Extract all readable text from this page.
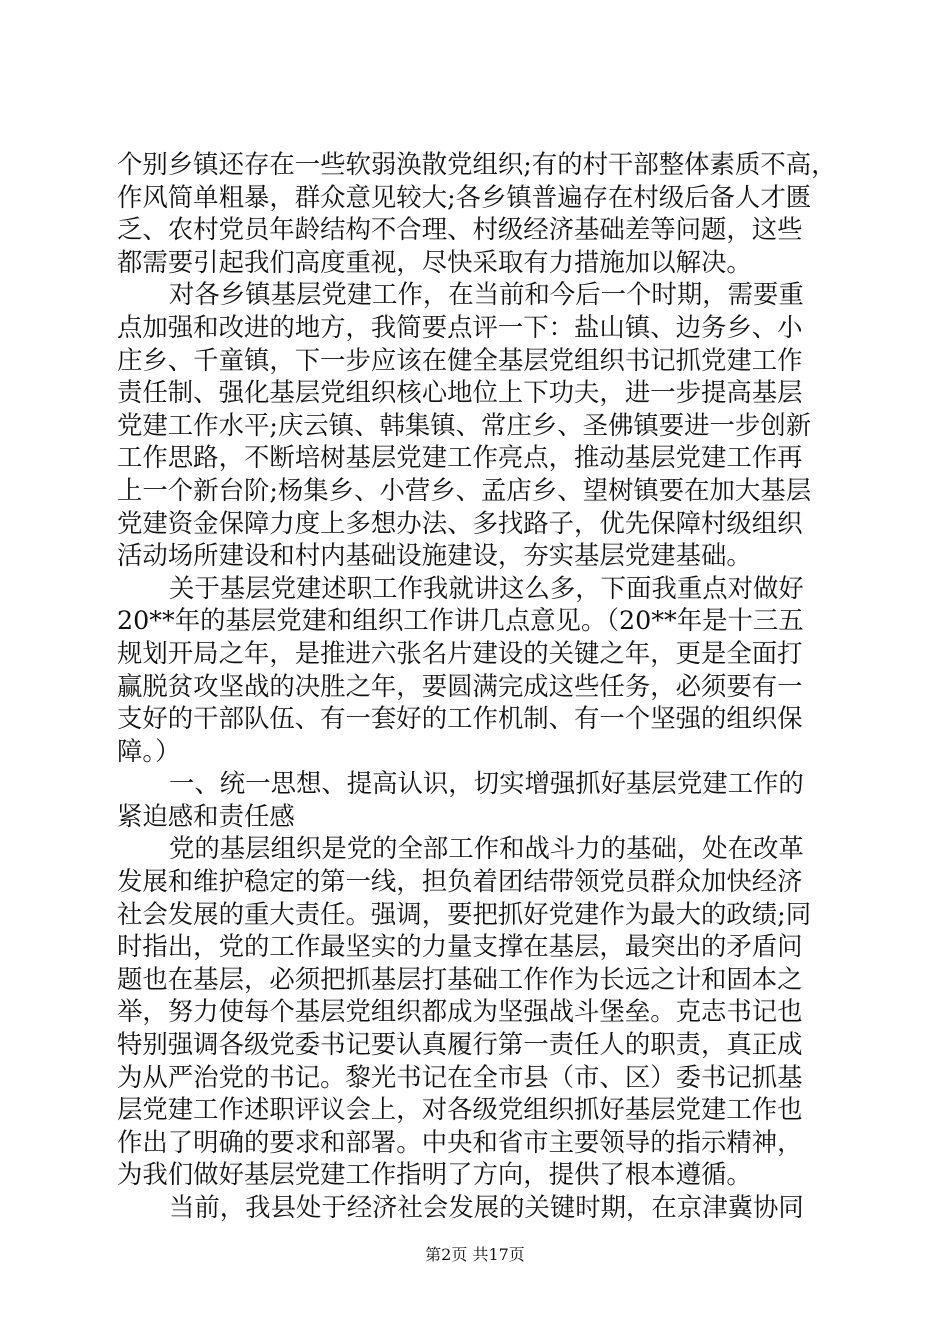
个别乡镇还存在一些软弱涣散党组织;有的村干部整体素质不高，
作风简单粗暴，群众意见较大;各乡镇普遍存在村级后备人才匮
乏、农村党员年龄结构不合理、村级经济基础差等问题，这些
都需要引起我们高度重视，尽快采取有力措施加以解决。
对各乡镇基层党建工作，在当前和今后一个时期，需要重
点加强和改进的地方，我简要点评一下：盐山镇、边务乡、小
庄乡、千童镇，下一步应该在健全基层党组织书记抓党建工作
责任制、强化基层党组织核心地位上下功夫，进一步提高基层
党建工作水平;庆云镇、韩集镇、常庄乡、圣佛镇要进一步创新
工作思路，不断培树基层党建工作亮点，推动基层党建工作再
上一个新台阶;杨集乡、小营乡、孟店乡、望树镇要在加大基层
党建资金保障力度上多想办法、多找路子，优先保障村级组织
活动场所建设和村内基础设施建设，夯实基层党建基础。
关于基层党建述职工作我就讲这么多，下面我重点对做好
20**年的基层党建和组织工作讲几点意见。（20**年是十三五
规划开局之年，是推进六张名片建设的关键之年，更是全面打
赢脱贫攻坚战的决胜之年，要圆满完成这些任务，必须要有一
支好的干部队伍、有一套好的工作机制、有一个坚强的组织保
障。）
一、统一思想、提高认识，切实增强抓好基层党建工作的
紧迫感和责任感
党的基层组织是党的全部工作和战斗力的基础，处在改革
发展和维护稳定的第一线，担负着团结带领党员群众加快经济
社会发展的重大责任。强调，要把抓好党建作为最大的政绩;同
时指出，党的工作最坚实的力量支撑在基层，最突出的矛盾问
题也在基层，必须把抓基层打基础工作作为长远之计和固本之
举，努力使每个基层党组织都成为坚强战斗堡垒。克志书记也
特别强调各级党委书记要认真履行第一责任人的职责，真正成
为从严治党的书记。黎光书记在全市县（市、区）委书记抓基
层党建工作述职评议会上，对各级党组织抓好基层党建工作也
作出了明确的要求和部署。中央和省市主要领导的指示精神，
为我们做好基层党建工作指明了方向，提供了根本遵循。
当前，我县处于经济社会发展的关键时期，在京津冀协同
第2页 共17页
